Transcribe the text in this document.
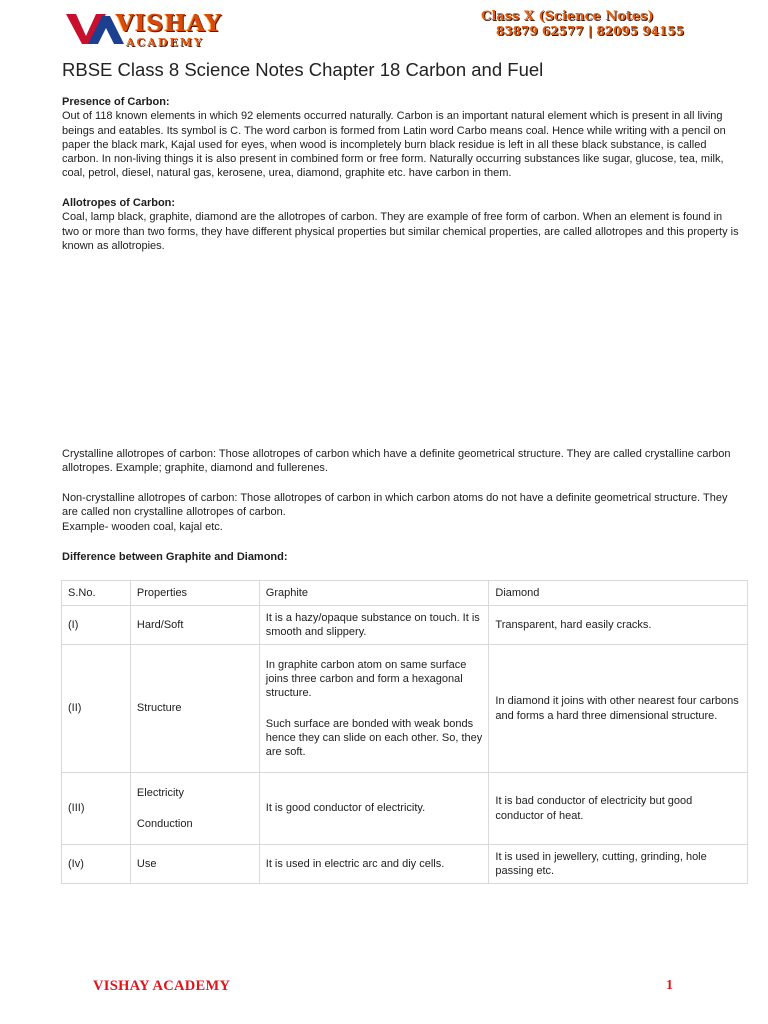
VISHAY
ACADEMY
Class X (Science Notes)
83879 62577 | 82095 94155
RBSE Class 8 Science Notes Chapter 18 Carbon and Fuel
Presence of Carbon:

Out of 118 known elements in which 92 elements occurred naturally. Carbon is an important natural element which is present in all living beings and eatables. Its symbol is C. The word carbon is formed from Latin word Carbo means coal. Hence while writing with a pencil on paper the black mark, Kajal used for eyes, when wood is incompletely burn black residue is left in all these black substance, is called carbon. In non-living things it is also present in combined form or free form. Naturally occurring substances like sugar, glucose, tea, milk, coal, petrol, diesel, natural gas, kerosene, urea, diamond, graphite etc. have carbon in them.

Allotropes of Carbon:

Coal, lamp black, graphite, diamond are the allotropes of carbon. They are example of free form of carbon. When an element is found in two or more than two forms, they have different physical properties but similar chemical properties, are called allotropes and this property is known as allotropies.

Crystalline allotropes of carbon: Those allotropes of carbon which have a definite geometrical structure. They are called crystalline carbon allotropes. Example; graphite, diamond and fullerenes.

Non-crystalline allotropes of carbon: Those allotropes of carbon in which carbon atoms do not have a definite geometrical structure. They are called non crystalline allotropes of carbon.

Example- wooden coal, kajal etc.

Difference between Graphite and Diamond:
S.No.	Properties	Graphite	Diamond
(I)	Hard/Soft	It is a hazy/opaque substance on touch. It is smooth and slippery.	Transparent, hard easily cracks.
(II)	Structure	In graphite carbon atom on same surface joins three carbon and form a hexagonal structure.

Such surface are bonded with weak bonds hence they can slide on each other. So, they are soft.	In diamond it joins with other nearest four carbons and forms a hard three dimensional structure.
(III)	Electricity

Conduction	It is good conductor of electricity.	It is bad conductor of electricity but good conductor of heat.
(Iv)	Use	It is used in electric arc and diy cells.	It is used in jewellery, cutting, grinding, hole passing etc.
VISHAY ACADEMY	1
